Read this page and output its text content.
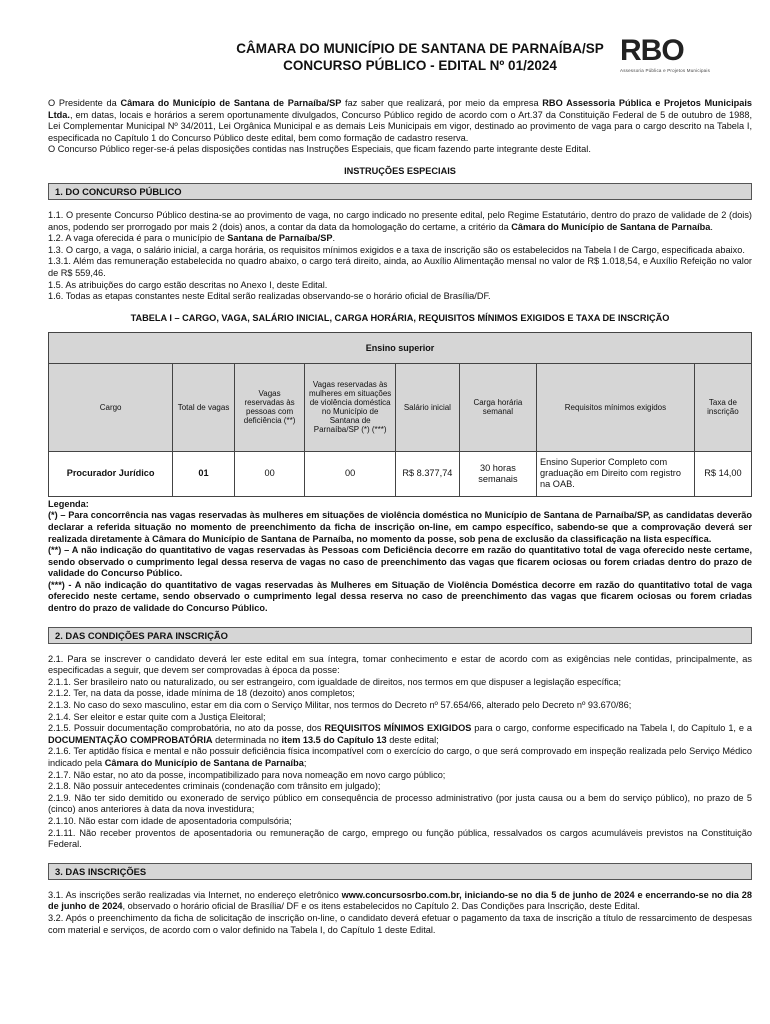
CÂMARA DO MUNICÍPIO DE SANTANA DE PARNAÍBA/SP
CONCURSO PÚBLICO - EDITAL Nº 01/2024	RBO
Assessoria Pública e Projetos Municipais

O Presidente da Câmara do Município de Santana de Parnaíba/SP faz saber que realizará, por meio da empresa RBO Assessoria Pública e Projetos Municipais Ltda., em datas, locais e horários a serem oportunamente divulgados, Concurso Público regido de acordo com o Art.37 da Constituição Federal de 5 de outubro de 1988, Lei Complementar Municipal Nº 34/2011, Lei Orgânica Municipal e as demais Leis Municipais em vigor, destinado ao provimento de vaga para o cargo descrito na Tabela I, especificada no Capítulo 1 do Concurso Público deste edital, bem como formação de cadastro reserva.

O Concurso Público reger-se-á pelas disposições contidas nas Instruções Especiais, que ficam fazendo parte integrante deste Edital.

INSTRUÇÕES ESPECIAIS
1. DO CONCURSO PÚBLICO

1.1. O presente Concurso Público destina-se ao provimento de vaga, no cargo indicado no presente edital, pelo Regime Estatutário, dentro do prazo de validade de 2 (dois) anos, podendo ser prorrogado por mais 2 (dois) anos, a contar da data da homologação do certame, a critério da Câmara do Município de Santana de Parnaíba.

1.2. A vaga oferecida é para o município de Santana de Parnaíba/SP.

1.3. O cargo, a vaga, o salário inicial, a carga horária, os requisitos mínimos exigidos e a taxa de inscrição são os estabelecidos na Tabela I de Cargo, especificada abaixo.

1.3.1. Além das remuneração estabelecida no quadro abaixo, o cargo terá direito, ainda, ao Auxílio Alimentação mensal no valor de R$ 1.018,54, e Auxílio Refeição no valor de R$ 559,46.

1.5. As atribuições do cargo estão descritas no Anexo I, deste Edital.

1.6. Todas as etapas constantes neste Edital serão realizadas observando-se o horário oficial de Brasília/DF.

TABELA I – CARGO, VAGA, SALÁRIO INICIAL, CARGA HORÁRIA, REQUISITOS MÍNIMOS EXIGIDOS E TAXA DE INSCRIÇÃO
Ensino superior							
Cargo	Total de vagas	Vagas reservadas às pessoas com deficiência (**)	Vagas reservadas às mulheres em situações de violência doméstica no Município de Santana de Parnaíba/SP (*) (***)	Salário inicial	Carga horária semanal	Requisitos mínimos exigidos	Taxa de inscrição
Procurador Jurídico	01	00	00	R$ 8.377,74	30 horas semanais	Ensino Superior Completo com graduação em Direito com registro na OAB.	R$ 14,00

Legenda:

(*) – Para concorrência nas vagas reservadas às mulheres em situações de violência doméstica no Município de Santana de Parnaíba/SP, as candidatas deverão declarar a referida situação no momento de preenchimento da ficha de inscrição on-line, em campo específico, sabendo-se que a comprovação deverá ser realizada diretamente à Câmara do Município de Santana de Parnaíba, no momento da posse, sob pena de exclusão da classificação na lista específica.

(**) – A não indicação do quantitativo de vagas reservadas às Pessoas com Deficiência decorre em razão do quantitativo total de vaga oferecido neste certame, sendo observado o cumprimento legal dessa reserva de vagas no caso de preenchimento das vagas que ficarem ociosas ou forem criadas dentro do prazo de validade do Concurso Público.

(***) - A não indicação do quantitativo de vagas reservadas às Mulheres em Situação de Violência Doméstica decorre em razão do quantitativo total de vaga oferecido neste certame, sendo observado o cumprimento legal dessa reserva no caso de preenchimento das vagas que ficarem ociosas ou forem criadas dentro do prazo de validade do Concurso Público.

2. DAS CONDIÇÕES PARA INSCRIÇÃO

2.1. Para se inscrever o candidato deverá ler este edital em sua íntegra, tomar conhecimento e estar de acordo com as exigências nele contidas, principalmente, as especificadas a seguir, que devem ser comprovadas à época da posse:

2.1.1. Ser brasileiro nato ou naturalizado, ou ser estrangeiro, com igualdade de direitos, nos termos em que dispuser a legislação específica;

2.1.2. Ter, na data da posse, idade mínima de 18 (dezoito) anos completos;

2.1.3. No caso do sexo masculino, estar em dia com o Serviço Militar, nos termos do Decreto nº 57.654/66, alterado pelo Decreto nº 93.670/86;

2.1.4. Ser eleitor e estar quite com a Justiça Eleitoral;

2.1.5. Possuir documentação comprobatória, no ato da posse, dos REQUISITOS MÍNIMOS EXIGIDOS para o cargo, conforme especificado na Tabela I, do Capítulo 1, e a DOCUMENTAÇÃO COMPROBATÓRIA determinada no item 13.5 do Capítulo 13 deste edital;

2.1.6. Ter aptidão física e mental e não possuir deficiência física incompatível com o exercício do cargo, o que será comprovado em inspeção realizada pelo Serviço Médico indicado pela Câmara do Município de Santana de Parnaíba;

2.1.7. Não estar, no ato da posse, incompatibilizado para nova nomeação em novo cargo público;

2.1.8. Não possuir antecedentes criminais (condenação com trânsito em julgado);

2.1.9. Não ter sido demitido ou exonerado de serviço público em consequência de processo administrativo (por justa causa ou a bem do serviço público), no prazo de 5 (cinco) anos anteriores à data da nova investidura;

2.1.10. Não estar com idade de aposentadoria compulsória;

2.1.11. Não receber proventos de aposentadoria ou remuneração de cargo, emprego ou função pública, ressalvados os cargos acumuláveis previstos na Constituição Federal.

3. DAS INSCRIÇÕES

3.1. As inscrições serão realizadas via Internet, no endereço eletrônico www.concursosrbo.com.br, iniciando-se no dia 5 de junho de 2024 e encerrando-se no dia 28 de junho de 2024, observado o horário oficial de Brasília/ DF e os itens estabelecidos no Capítulo 2. Das Condições para Inscrição, deste Edital.

3.2. Após o preenchimento da ficha de solicitação de inscrição on-line, o candidato deverá efetuar o pagamento da taxa de inscrição a título de ressarcimento de despesas com material e serviços, de acordo com o valor definido na Tabela I, do Capítulo 1 deste Edital.
